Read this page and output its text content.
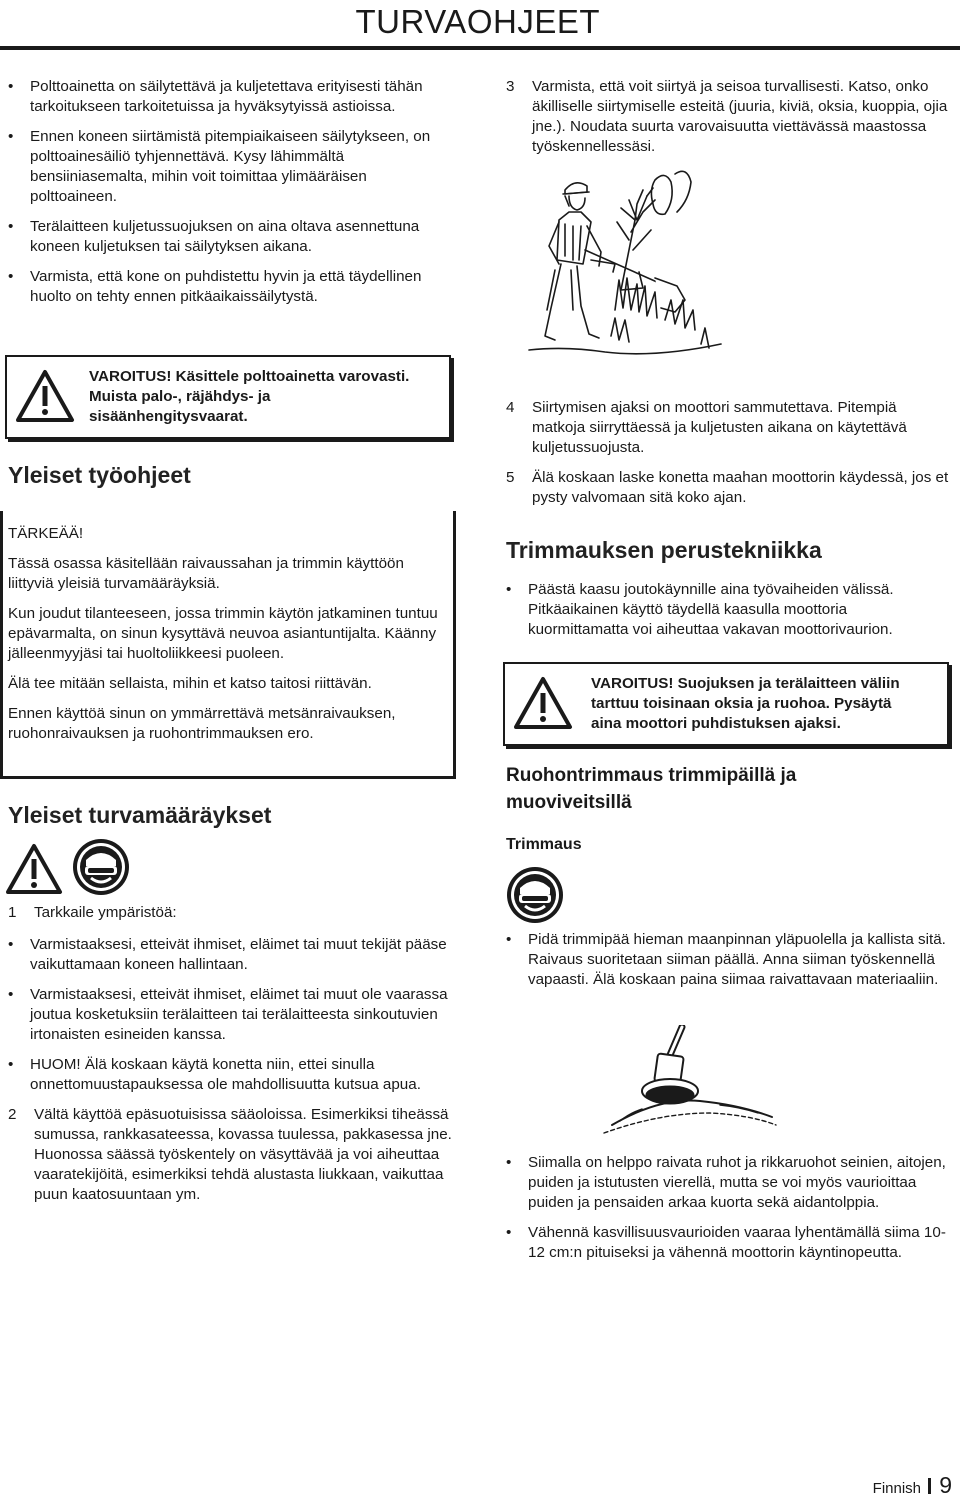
TURVAOHJEET
• Polttoainetta on säilytettävä ja kuljetettava erityisesti tähän tarkoitukseen tarkoitetuissa ja hyväksytyissä astioissa.
• Ennen koneen siirtämistä pitempiaikaiseen säilytykseen, on polttoainesäiliö tyhjennettävä. Kysy lähimmältä bensiiniasemalta, mihin voit toimittaa ylimääräisen polttoaineen.
• Terälaitteen kuljetussuojuksen on aina oltava asennettuna koneen kuljetuksen tai säilytyksen aikana.
• Varmista, että kone on puhdistettu hyvin ja että täydellinen huolto on tehty ennen pitkäaikaissäilytystä.
VAROITUS! Käsittele polttoainetta varovasti.
Muista palo-, räjähdys- ja
sisäänhengitysvaarat.
Yleiset työohjeet

TÄRKEÄÄ!

Tässä osassa käsitellään raivaussahan ja trimmin käyttöön liittyviä yleisiä turvamääräyksiä.

Kun joudut tilanteeseen, jossa trimmin käytön jatkaminen tuntuu epävarmalta, on sinun kysyttävä neuvoa asiantuntijalta. Käänny jälleenmyyjäsi tai huoltoliikkeesi puoleen.

Älä tee mitään sellaista, mihin et katso taitosi riittävän.

Ennen käyttöä sinun on ymmärrettävä metsänraivauksen, ruohonraivauksen ja ruohontrimmauksen ero.

Yleiset turvamääräykset
1 Tarkkaile ympäristöä:
• Varmistaaksesi, etteivät ihmiset, eläimet tai muut tekijät pääse vaikuttamaan koneen hallintaan.
• Varmistaaksesi, etteivät ihmiset, eläimet tai muut ole vaarassa joutua kosketuksiin terälaitteen tai terälaitteesta sinkoutuvien irtonaisten esineiden kanssa.
• HUOM! Älä koskaan käytä konetta niin, ettei sinulla onnettomuustapauksessa ole mahdollisuutta kutsua apua.
2 Vältä käyttöä epäsuotuisissa sääoloissa. Esimerkiksi tiheässä sumussa, rankkasateessa, kovassa tuulessa, pakkasessa jne. Huonossa säässä työskentely on väsyttävää ja voi aiheuttaa vaaratekijöitä, esimerkiksi tehdä alustasta liukkaan, vaikuttaa puun kaatosuuntaan ym.
3 Varmista, että voit siirtyä ja seisoa turvallisesti. Katso, onko äkilliselle siirtymiselle esteitä (juuria, kiviä, oksia, kuoppia, ojia jne.). Noudata suurta varovaisuutta viettävässä maastossa työskennellessäsi.
4 Siirtymisen ajaksi on moottori sammutettava. Pitempiä matkoja siirryttäessä ja kuljetusten aikana on käytettävä kuljetussuojusta.
5 Älä koskaan laske konetta maahan moottorin käydessä, jos et pysty valvomaan sitä koko ajan.
Trimmauksen perustekniikka
• Päästä kaasu joutokäynnille aina työvaiheiden välissä. Pitkäaikainen käyttö täydellä kaasulla moottoria kuormittamatta voi aiheuttaa vakavan moottorivaurion.
VAROITUS! Suojuksen ja terälaitteen väliin
tarttuu toisinaan oksia ja ruohoa. Pysäytä
aina moottori puhdistuksen ajaksi.
Ruohontrimmaus trimmipäillä ja
muoviveitsillä
Trimmaus
• Pidä trimmipää hieman maanpinnan yläpuolella ja kallista sitä. Raivaus suoritetaan siiman päällä. Anna siiman työskennellä vapaasti. Älä koskaan paina siimaa raivattavaan materiaaliin.
• Siimalla on helppo raivata ruhot ja rikkaruohot seinien, aitojen, puiden ja istutusten vierellä, mutta se voi myös vaurioittaa puiden ja pensaiden arkaa kuorta sekä aidantolppia.
• Vähennä kasvillisuusvaurioiden vaaraa lyhentämällä siima 10-12 cm:n pituiseksi ja vähennä moottorin käyntinopeutta.
Finnish 9
